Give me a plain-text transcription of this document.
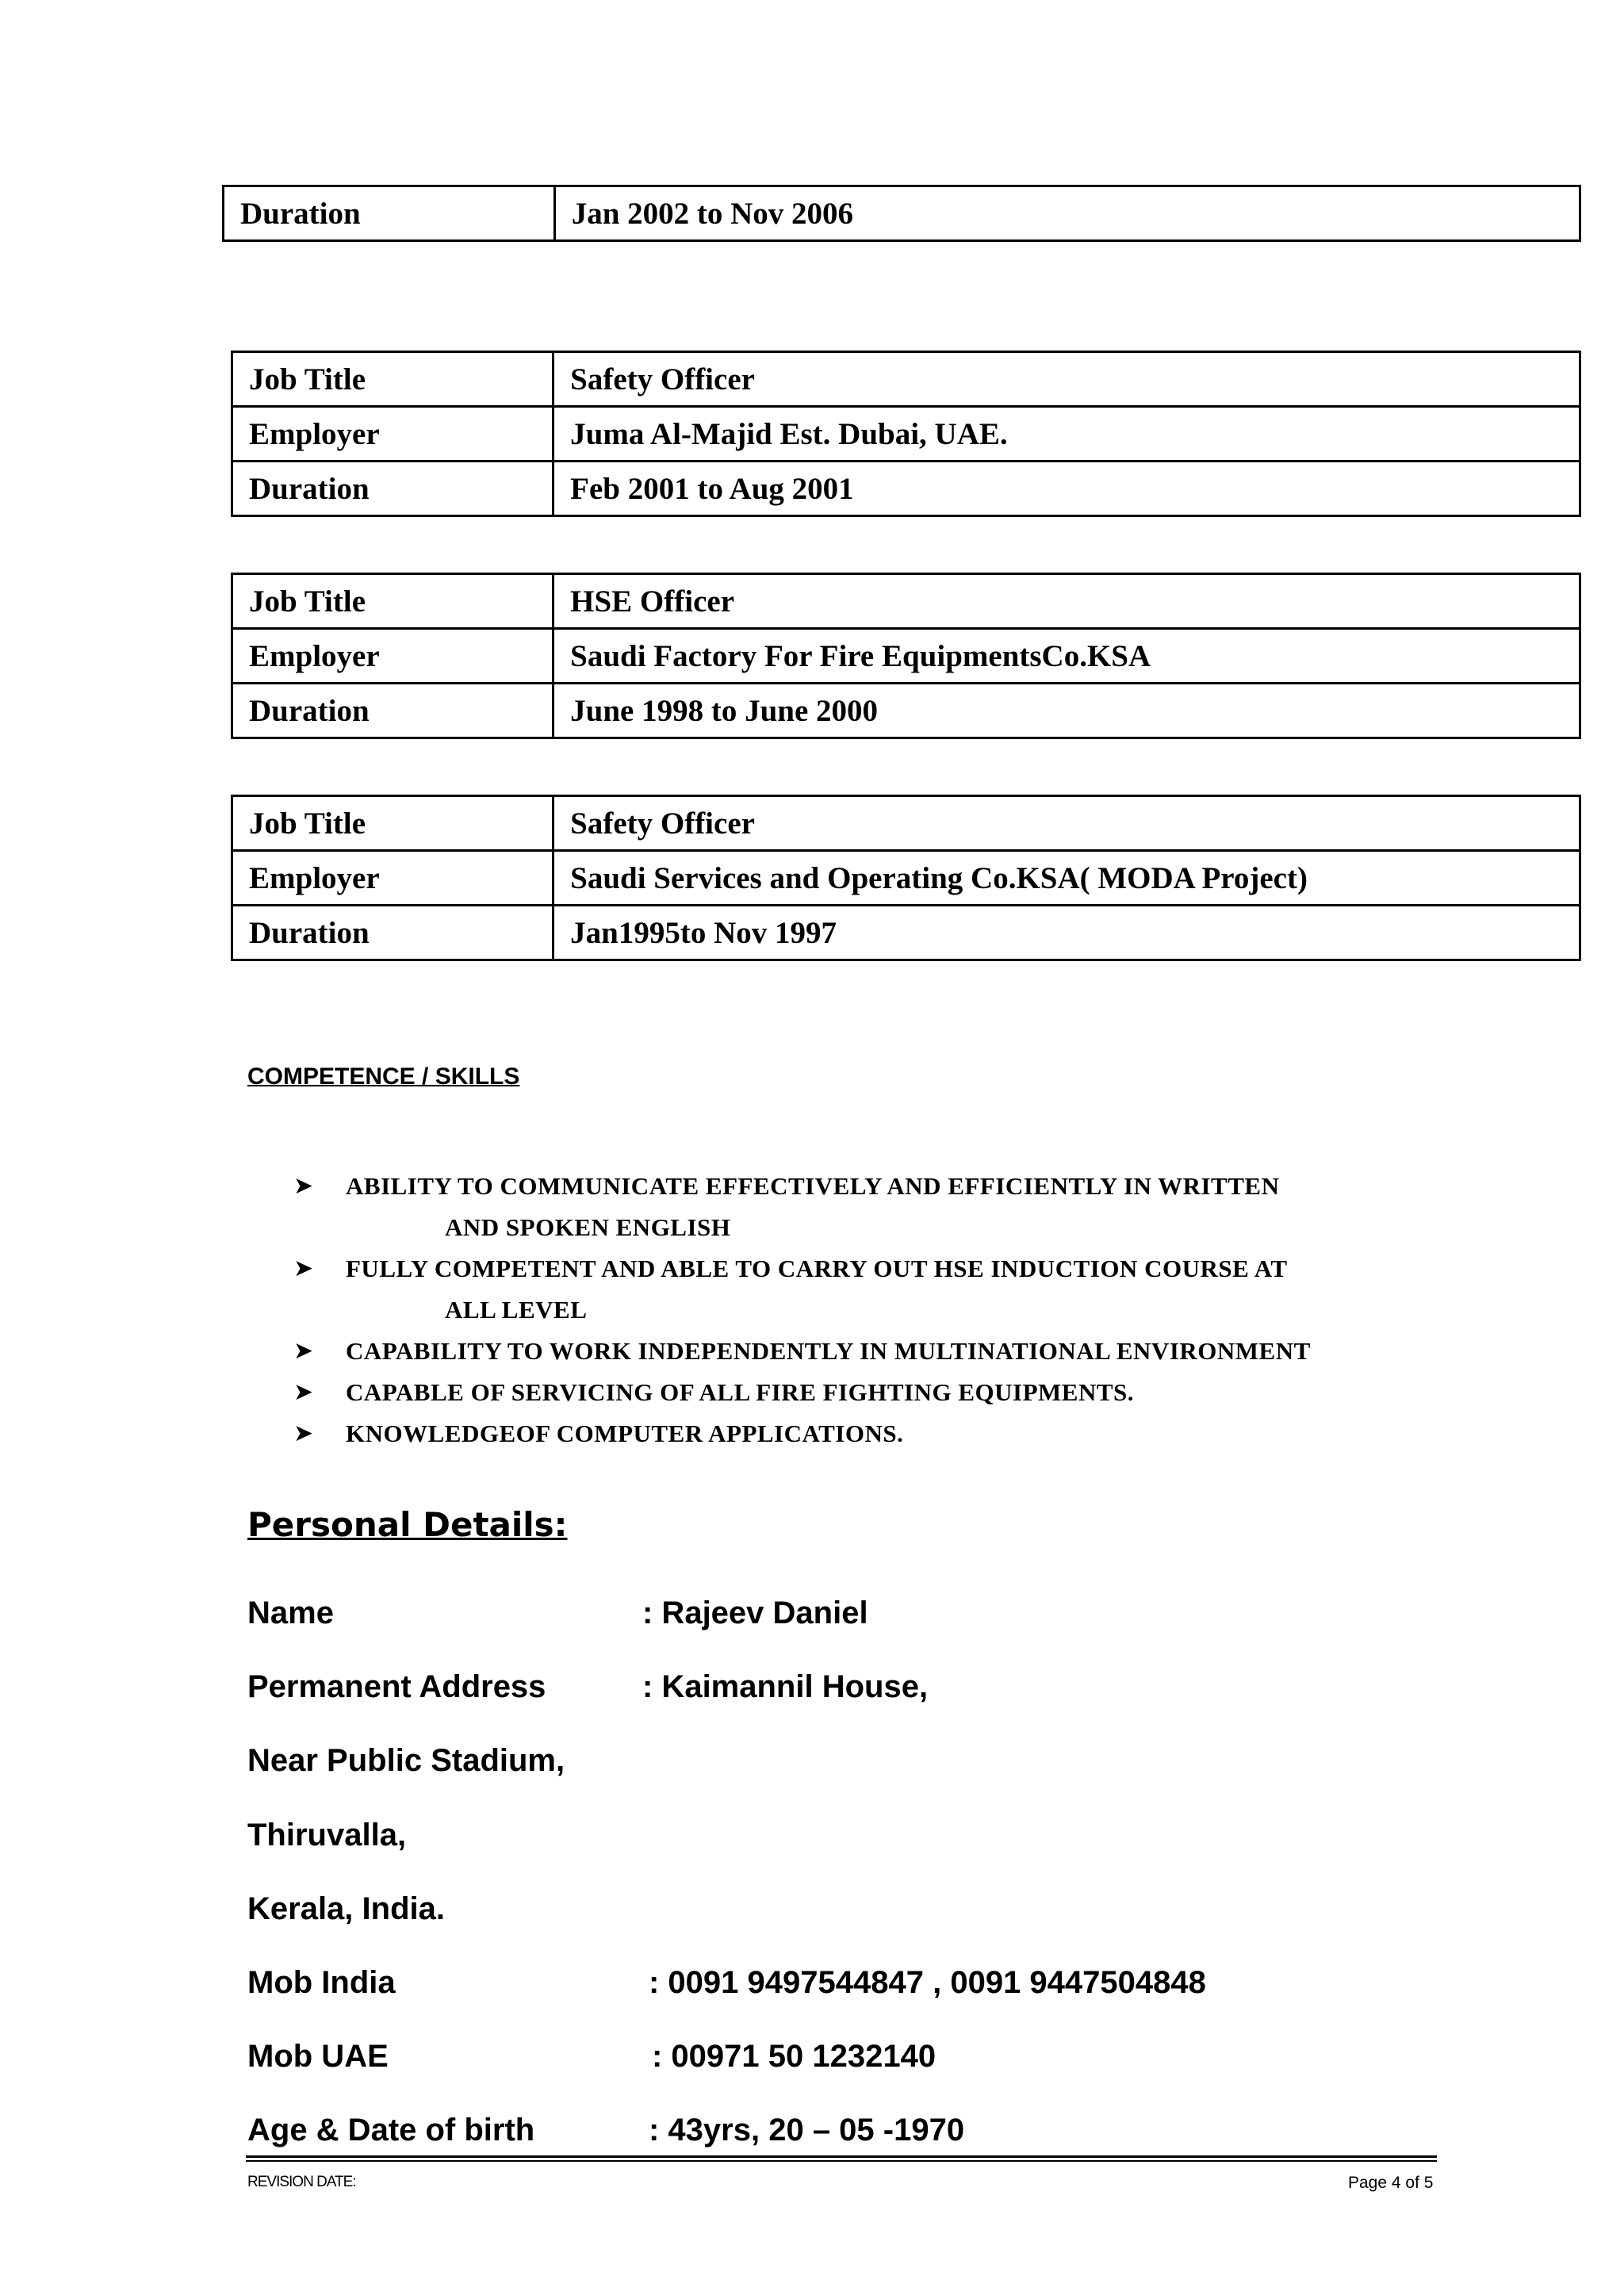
Duration	Jan 2002 to Nov 2006
Job Title	Safety Officer
Employer	Juma Al-Majid Est. Dubai, UAE.
Duration	Feb 2001 to Aug 2001
Job Title	HSE Officer
Employer	Saudi Factory For Fire EquipmentsCo.KSA
Duration	June 1998 to June 2000
Job Title	Safety Officer
Employer	Saudi Services and Operating Co.KSA( MODA Project)
Duration	Jan1995to Nov 1997
COMPETENCE / SKILLS
➤ ABILITY TO COMMUNICATE EFFECTIVELY AND EFFICIENTLY IN WRITTEN
AND SPOKEN ENGLISH
➤ FULLY COMPETENT AND ABLE TO CARRY OUT HSE INDUCTION COURSE AT
ALL LEVEL
➤ CAPABILITY TO WORK INDEPENDENTLY IN MULTINATIONAL ENVIRONMENT
➤ CAPABLE OF SERVICING OF ALL FIRE FIGHTING EQUIPMENTS.
➤ KNOWLEDGEOF COMPUTER APPLICATIONS.
Personal Details:
Name	: Rajeev Daniel
Permanent Address	: Kaimannil House,
Near Public Stadium,
Thiruvalla,
Kerala, India.
Mob India	: 0091 9497544847 , 0091 9447504848
Mob UAE	: 00971 50 1232140
Age & Date of birth	: 43yrs, 20 – 05 -1970
REVISION DATE:	Page 4 of 5
